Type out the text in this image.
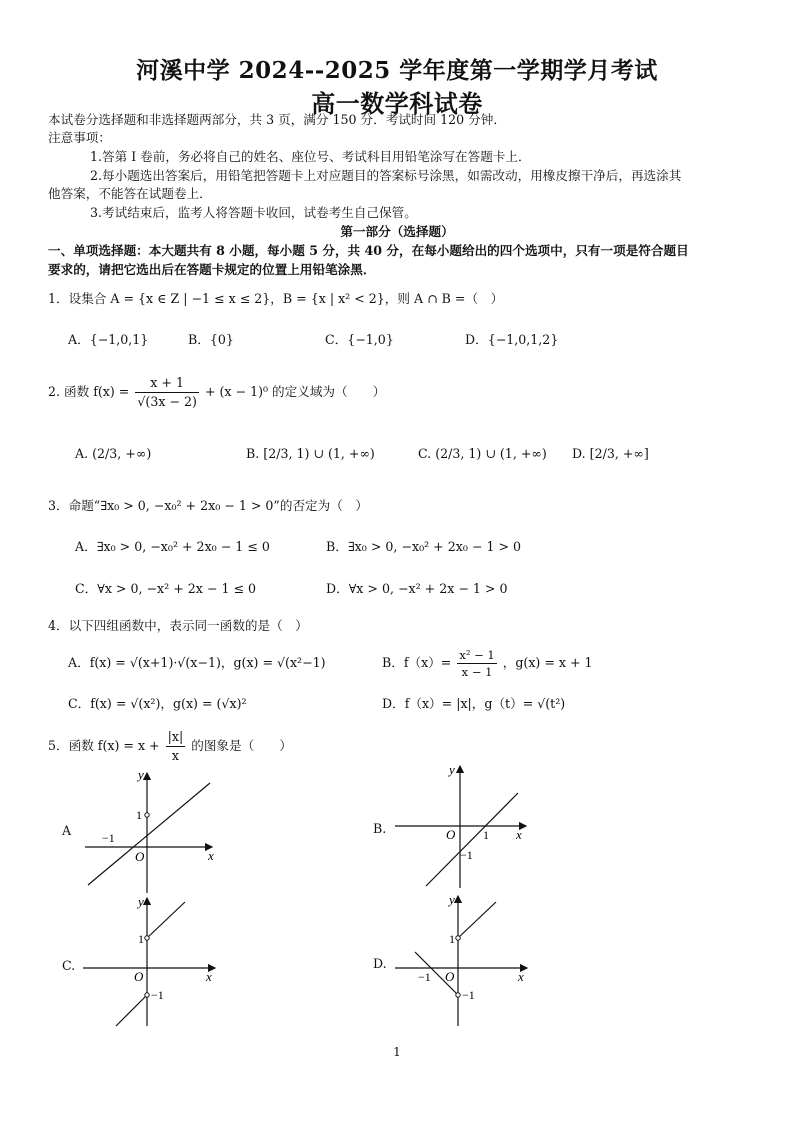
河溪中学 2024--2025 学年度第一学期学月考试
高一数学科试卷
本试卷分选择题和非选择题两部分，共 3 页，满分 150 分．考试时间 120 分钟．
注意事项：
1.答第 I 卷前，务必将自己的姓名、座位号、考试科目用铅笔涂写在答题卡上．
2.每小题选出答案后，用铅笔把答题卡上对应题目的答案标号涂黑，如需改动，用橡皮擦干净后，再选涂其
他答案，不能答在试题卷上．
3.考试结束后，监考人将答题卡收回，试卷考生自己保管。
第一部分（选择题）
一、单项选择题：本大题共有 8 小题，每小题 5 分，共 40 分，在每小题给出的四个选项中，只有一项是符合题目
要求的，请把它选出后在答题卡规定的位置上用铅笔涂黑．
1．设集合 A = {x ∈ Z | −1 ≤ x ≤ 2}，B = {x | x² < 2}，则 A ∩ B =（　）
A．{−1,0,1}	B．{0}	C．{−1,0}	D．{−1,0,1,2}
2. 函数 $f(x) = \frac{x + 1}{√(3x - 2)} + (x - 1)^0$ 的定义域为（　　）
A. (2/3, +∞)	B. [2/3, 1) ∪ (1, +∞)	C. (2/3, 1) ∪ (1, +∞) D. [2/3, +∞]
3．命题“∃x₀ > 0, −x₀² + 2x₀ − 1 > 0”的否定为（　）
A．∃x₀ > 0, −x₀² + 2x₀ − 1 ≤ 0	B．∃x₀ > 0, −x₀² + 2x₀ − 1 > 0
C．∀x > 0, −x² + 2x − 1 ≤ 0	D．∀x > 0, −x² + 2x − 1 > 0
4．以下四组函数中，表示同一函数的是（　）
A．f(x) = √(x+1)·√(x−1)，g(x) = √(x²−1)	B．$f(x)= \frac{\text{x² − 1}}{x - 1}$ ，g(x) = x + 1
C．f(x) = √(x²)，g(x) = (√x)²	D．f（x）= |x|，g（t）= √(t²)
5．函数 $f(x) = x + \frac{|x|}{x}$ 的图象是（　　）
A
x
y
O
1
−1
B.	x
y
O 1
−1
C.
x
y
O
1
−1
D.
x
y
O
1
−1
−1
1
